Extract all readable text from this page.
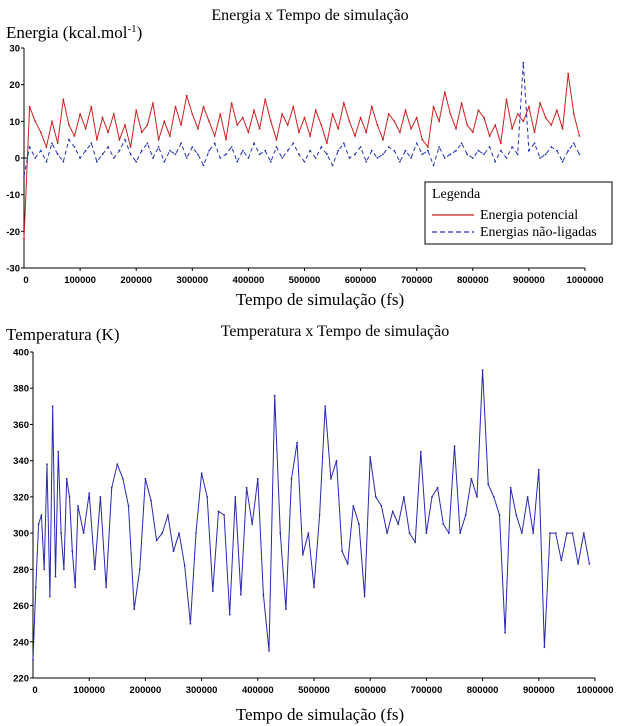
Energia x Tempo de simulação
Energia (kcal.mol$^{-1}$)
Tempo de simulação (fs)
30
20
10
0
-10
-20
-30
100000	200000	300000	400000	500000	600000	700000	800000	900000 1000000
0
Legenda
Energia potencial
Energias não-ligadas
Temperatura x Tempo de simulação
Temperatura (K)
Tempo de simulação (fs)
400
380
360
340
320
300
280
260
240
220
100000	200000	300000	400000	500000	600000	700000	800000	900000 1000000
0
